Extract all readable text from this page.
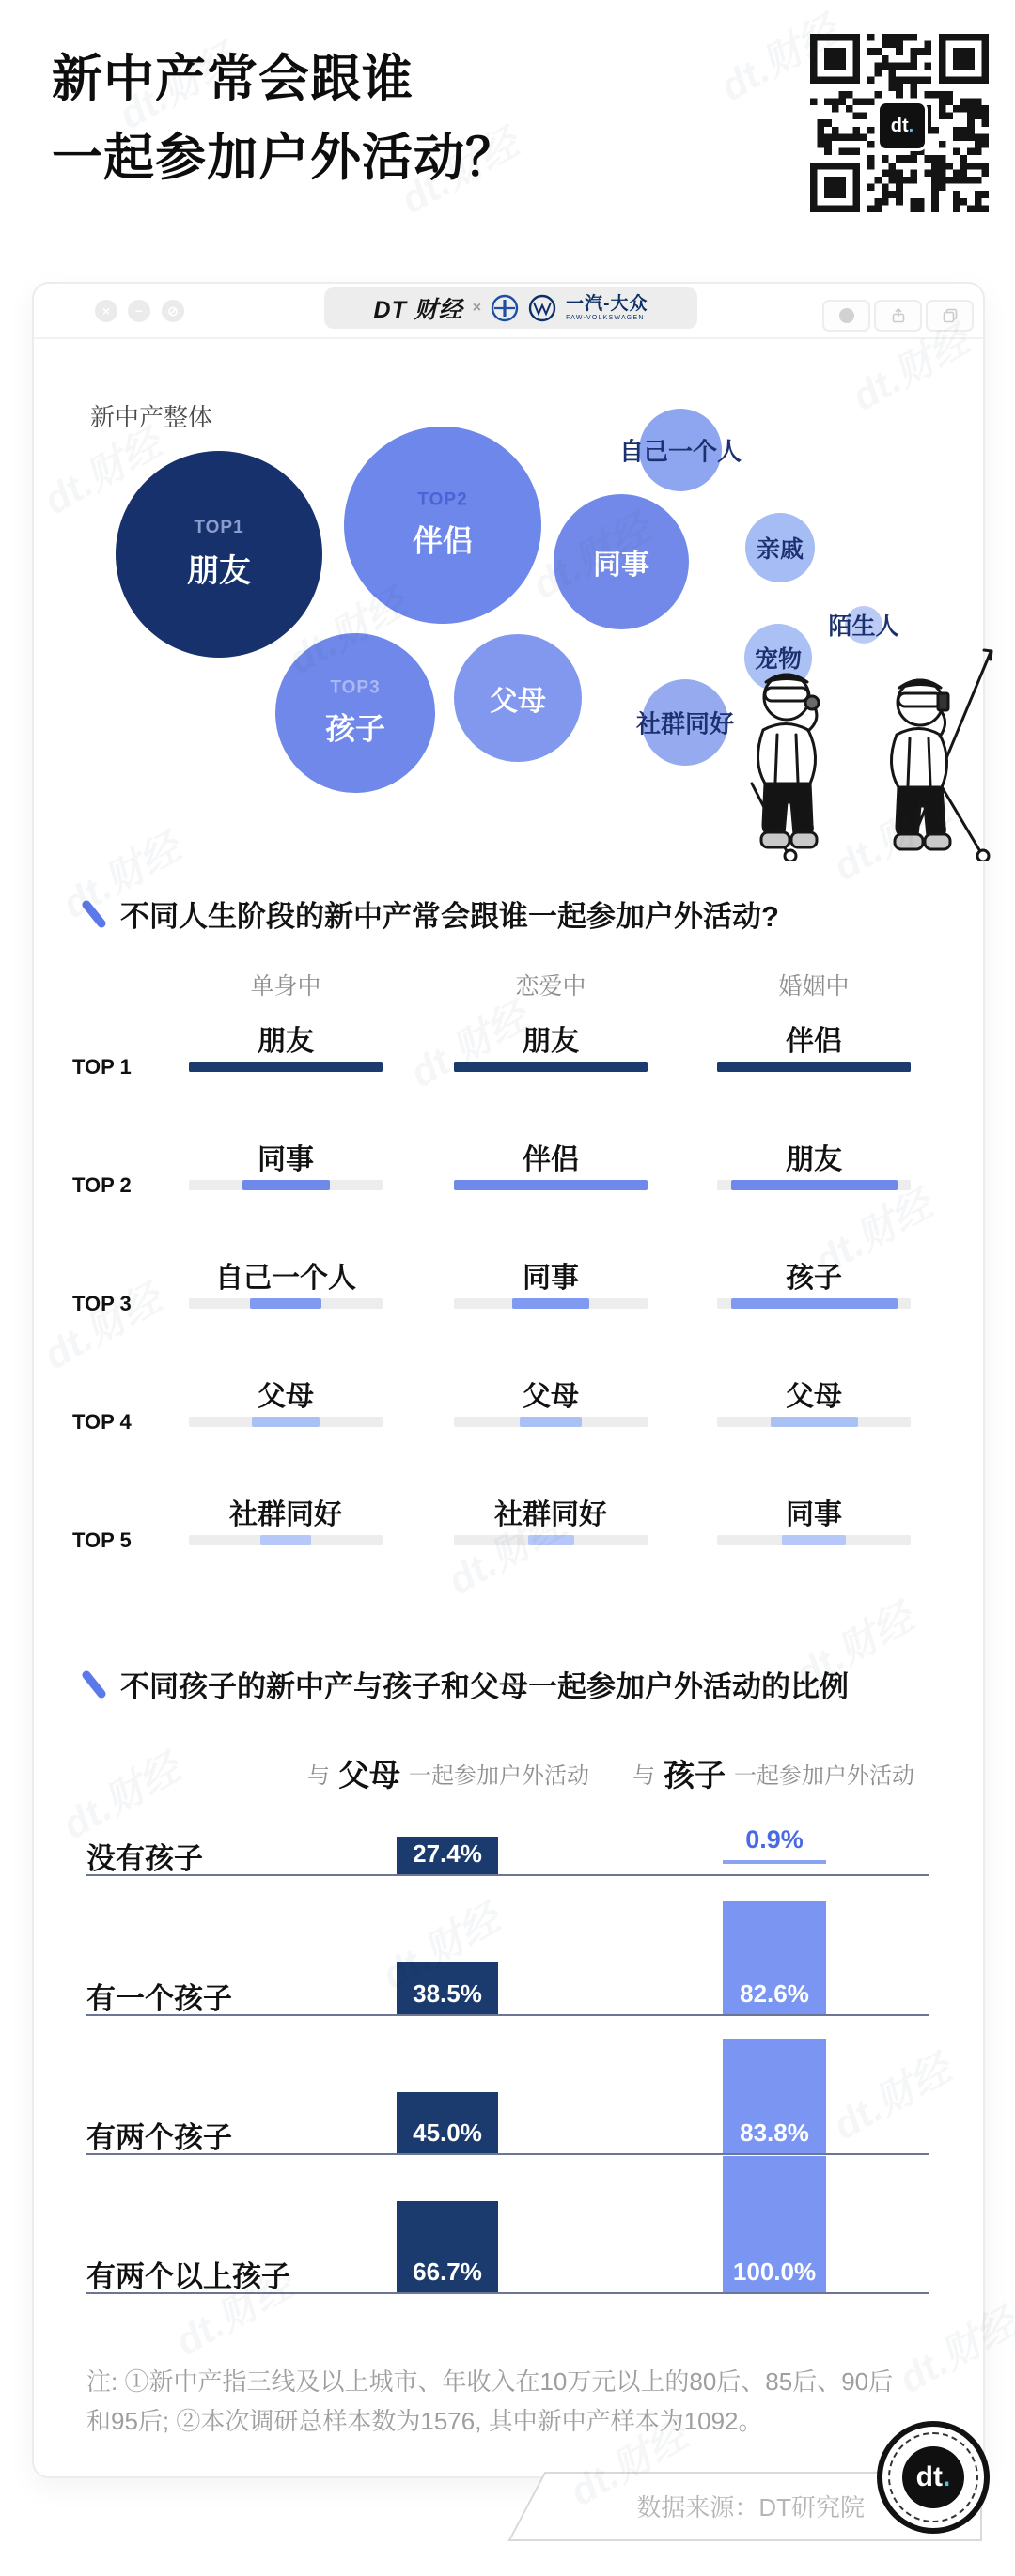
新中产常会跟谁
一起参加户外活动？
dt.
× − ⊘	DT 财经 ×	一汽-大众
FAW-VOLKSWAGEN
新中产整体
TOP1
朋友
TOP2
伴侣
同事
TOP3
孩子
父母
自己一个人
亲戚
陌生人
宠物
社群同好
不同人生阶段的新中产常会跟谁一起参加户外活动?
单身中	恋爱中	婚姻中
TOP 1
朋友	朋友	伴侣
TOP 2
同事	伴侣	朋友
TOP 3
自己一个人	同事	孩子
TOP 4
父母	父母	父母
TOP 5
社群同好	社群同好	同事
不同孩子的新中产与孩子和父母一起参加户外活动的比例
与 父母 一起参加户外活动 与 孩子 一起参加户外活动
没有孩子	27.4%	0.9%
有一个孩子	38.5%	82.6%
有两个孩子	45.0%	83.8%
有两个以上孩子	66.7%	100.0%
注: ①新中产指三线及以上城市、年收入在10万元以上的80后、85后、90后和95后; ②本次调研总样本数为1576, 其中新中产样本为1092。
数据来源：DT研究院
dt.
